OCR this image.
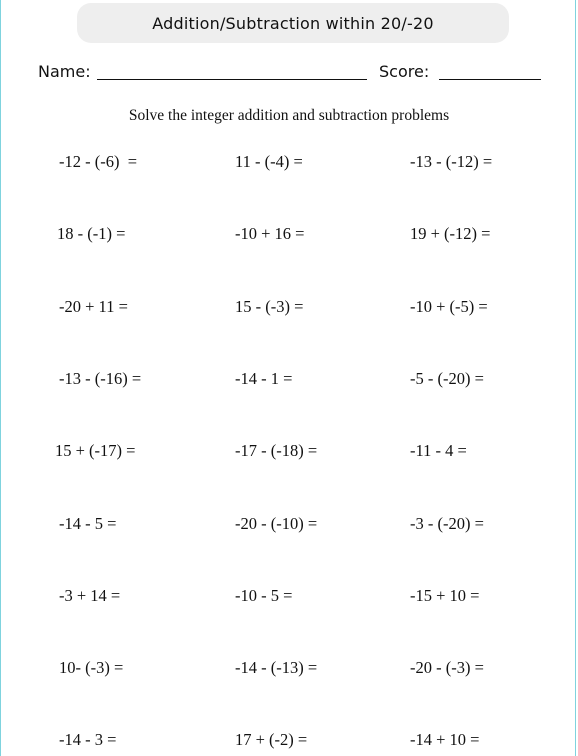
Addition/Subtraction within 20/-20
Name:	Score:
Solve the integer addition and subtraction problems
-12 - (-6)  =	11 - (-4) =	-13 - (-12) =
18 - (-1) =	-10 + 16 =	19 + (-12) =
-20 + 11 =	15 - (-3) =	-10 + (-5) =
-13 - (-16) =	-14 - 1 =	-5 - (-20) =
15 + (-17) =	-17 - (-18) =	-11 - 4 =
-14 - 5 =	-20 - (-10) =	-3 - (-20) =
-3 + 14 =	-10 - 5 =	-15 + 10 =
10- (-3) =	-14 - (-13) =	-20 - (-3) =
-14 - 3 =	17 + (-2) =	-14 + 10 =
